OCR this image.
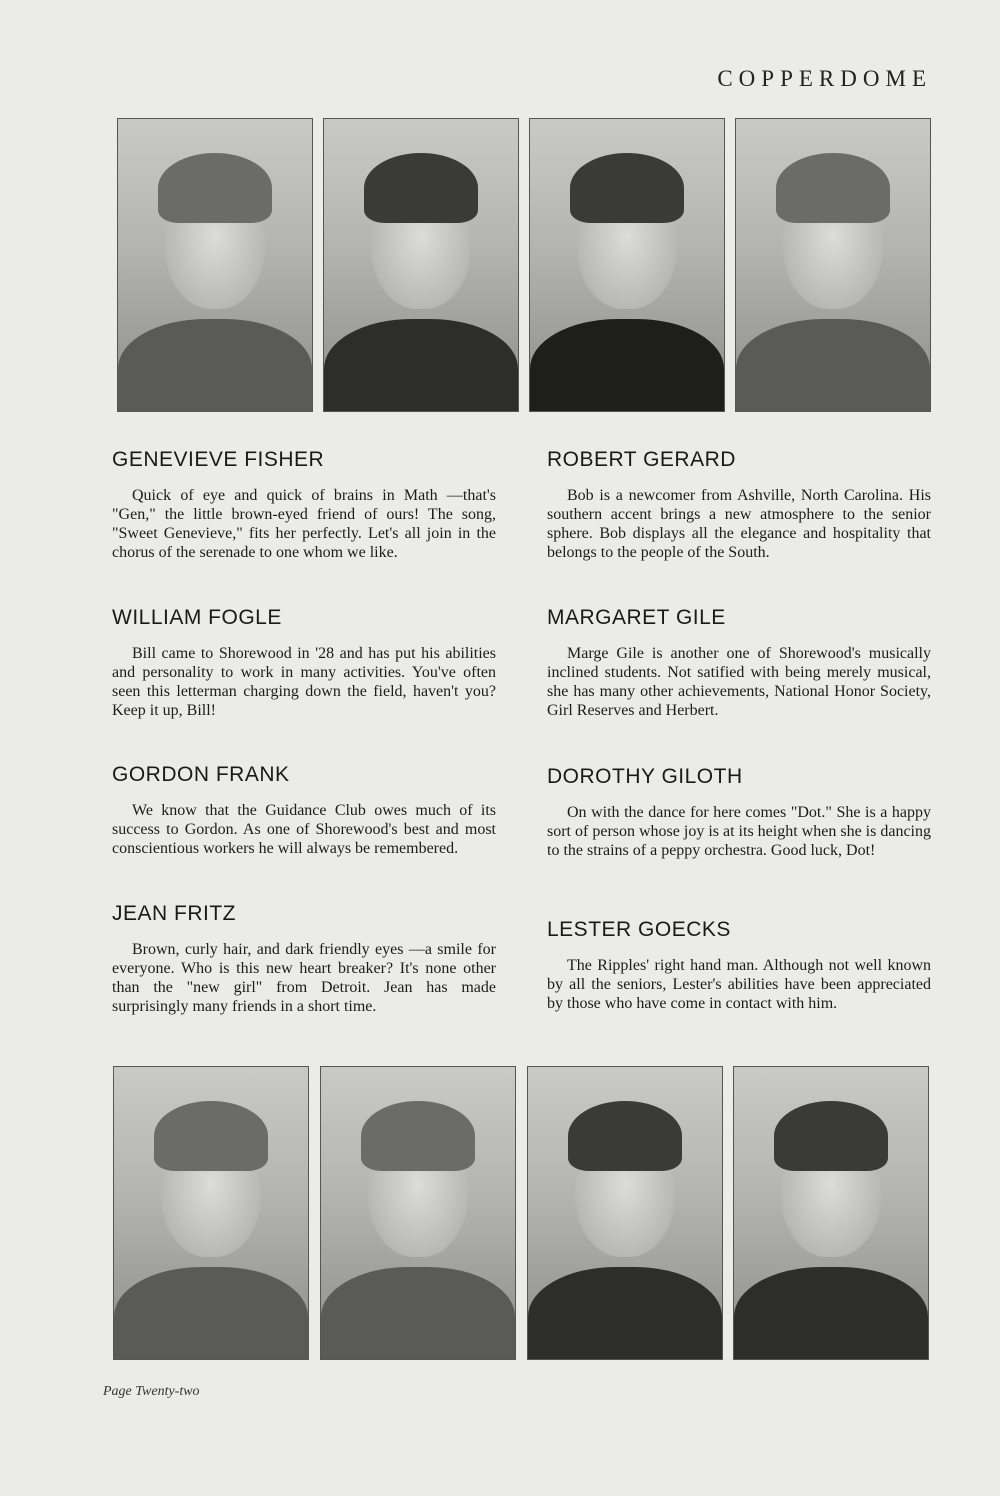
COPPERDOME
GENEVIEVE FISHER

Quick of eye and quick of brains in Math —that's "Gen," the little brown-eyed friend of ours! The song, "Sweet Genevieve," fits her perfectly. Let's all join in the chorus of the serenade to one whom we like.

WILLIAM FOGLE

Bill came to Shorewood in '28 and has put his abilities and personality to work in many activities. You've often seen this letterman charging down the field, haven't you? Keep it up, Bill!

GORDON FRANK

We know that the Guidance Club owes much of its success to Gordon. As one of Shorewood's best and most conscientious workers he will always be remembered.

JEAN FRITZ

Brown, curly hair, and dark friendly eyes —a smile for everyone. Who is this new heart breaker? It's none other than the "new girl" from Detroit. Jean has made surprisingly many friends in a short time.

ROBERT GERARD

Bob is a newcomer from Ashville, North Carolina. His southern accent brings a new atmosphere to the senior sphere. Bob displays all the elegance and hospitality that belongs to the people of the South.

MARGARET GILE

Marge Gile is another one of Shorewood's musically inclined students. Not satified with being merely musical, she has many other achievements, National Honor Society, Girl Reserves and Herbert.

DOROTHY GILOTH

On with the dance for here comes "Dot." She is a happy sort of person whose joy is at its height when she is dancing to the strains of a peppy orchestra. Good luck, Dot!

LESTER GOECKS

The Ripples' right hand man. Although not well known by all the seniors, Lester's abilities have been appreciated by those who have come in contact with him.

Page Twenty-two
